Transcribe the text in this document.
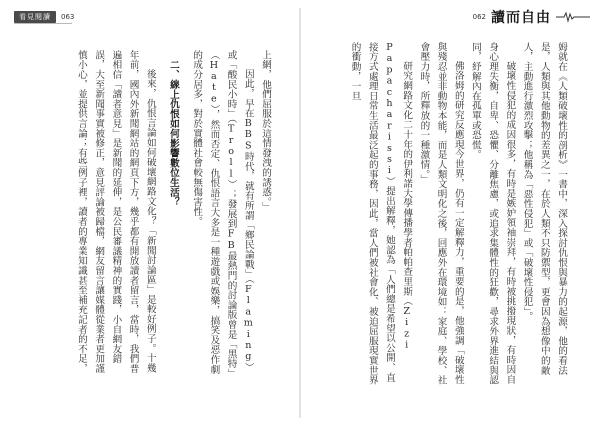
看見閱讀	063

上網，他們屈服於這情發洩的誘惑。」

因此，早在BBS時代，就有所謂「鄉民論戰」（Flaming）或「酸民小時」（Troll）；發展到FB最熱門的討論版曾是「黑特」（Hate），然而否定、仇恨語言大多是一種遊戲或娛樂，搞笑及惡作劇的成分居多，對於實體社會較無傷害性。

二、線上仇恨如何影響數位生活？

後來，仇恨言論如何破壞網路文化？「新聞討論區」是較好例子。十幾年前，國內外新聞網站的網頁下方，幾乎都有開放讀者留言，當時，我們普遍相信「讀者意見」是新聞的延伸，是公民審議精神的實踐，小自網友錯誤，大至新聞事實被修正，意見評論被歸檔，網友留言讓媒體從業者更加謹慎小心，並提供言論；有些例子裡，讀者的專業知識甚至補充記者的不足，

062 讀而自由

姆就在《人類破壞性的剖析》一書中，深入探討仇恨與暴力的起源，他的看法是，人類與其他動物的差異之一，在於人類不只防禦型，更會因為想像中的敵人，主動進行激烈攻擊；他稱為「惡性侵犯」或「破壞性侵犯」。

破壞性侵犯的成因很多，有時是嫉妒領袖崇拜，有時被挑撥現狀，有時因自身心理失衡，自卑、恐懼、分離焦慮，或追求集體性的狂歡，尋求外界進結與認同，紓解內在孤單或恐慌。

佛洛姆的研究反應現今世界，仍有一定解釋力，重要的是，他強調「破壞性與殘忍並非動物本能，而是人類文明化之後，回應外在環境如：家庭、學校、社會壓力時，所釋放的一種激情。」

研究網路文化二十年的伊利諾大學傳播學者帕帕查里斯（Zizi Papacharissi）提出解釋，她認為「人們總是希望以公開、直接方式處理日常生活最泛起的事務，因此，當人們被社會化、被迫屈服現實世界的衝動，一旦
